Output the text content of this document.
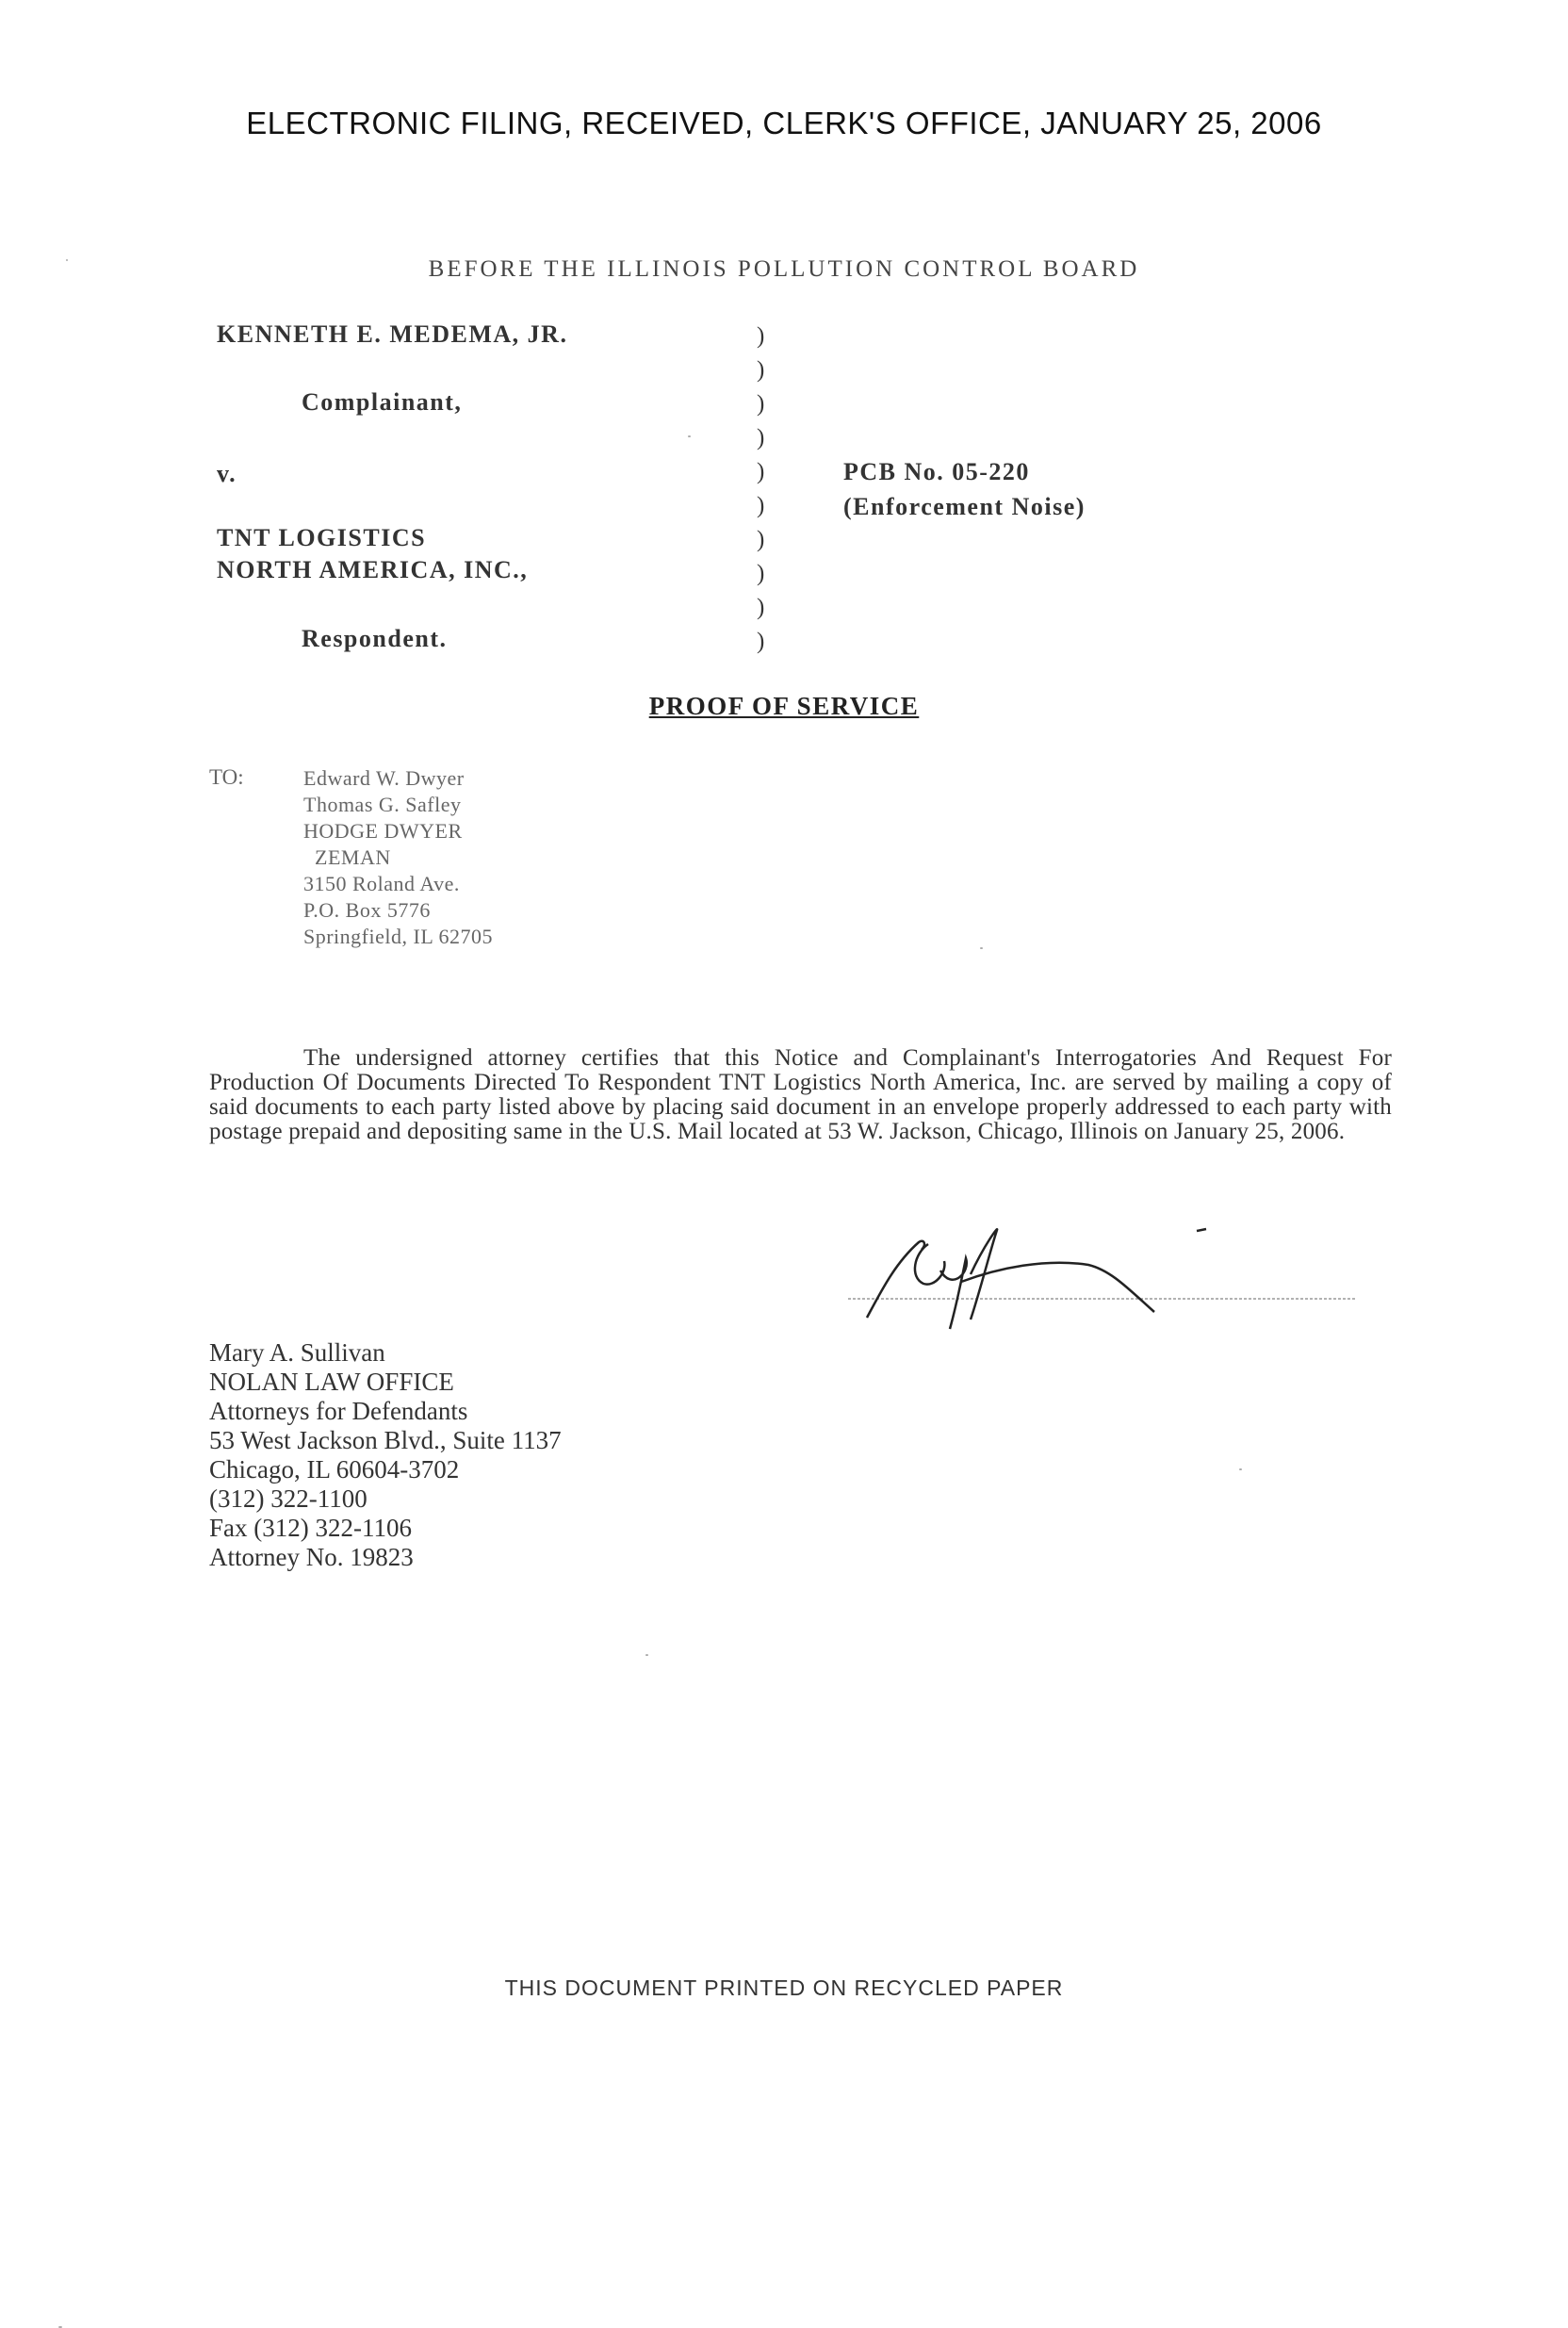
ELECTRONIC FILING, RECEIVED, CLERK'S OFFICE, JANUARY 25, 2006
BEFORE THE ILLINOIS POLLUTION CONTROL BOARD
KENNETH E. MEDEMA, JR.
Complainant,
v.
TNT LOGISTICS
NORTH AMERICA, INC.,
Respondent.
)
)
)
)
)
)
)
)
)
)
PCB No. 05-220
(Enforcement Noise)
PROOF OF SERVICE
TO:	Edward W. Dwyer
Thomas G. Safley
HODGE DWYER
ZEMAN
3150 Roland Ave.
P.O. Box 5776
Springfield, IL 62705
The undersigned attorney certifies that this Notice and Complainant's Interrogatories And Request For Production Of Documents Directed To Respondent TNT Logistics North America, Inc. are served by mailing a copy of said documents to each party listed above by placing said document in an envelope properly addressed to each party with postage prepaid and depositing same in the U.S. Mail located at 53 W. Jackson, Chicago, Illinois on January 25, 2006.
Mary A. Sullivan
NOLAN LAW OFFICE
Attorneys for Defendants
53 West Jackson Blvd., Suite 1137
Chicago, IL 60604-3702
(312) 322-1100
Fax (312) 322-1106
Attorney No. 19823
THIS DOCUMENT PRINTED ON RECYCLED PAPER
